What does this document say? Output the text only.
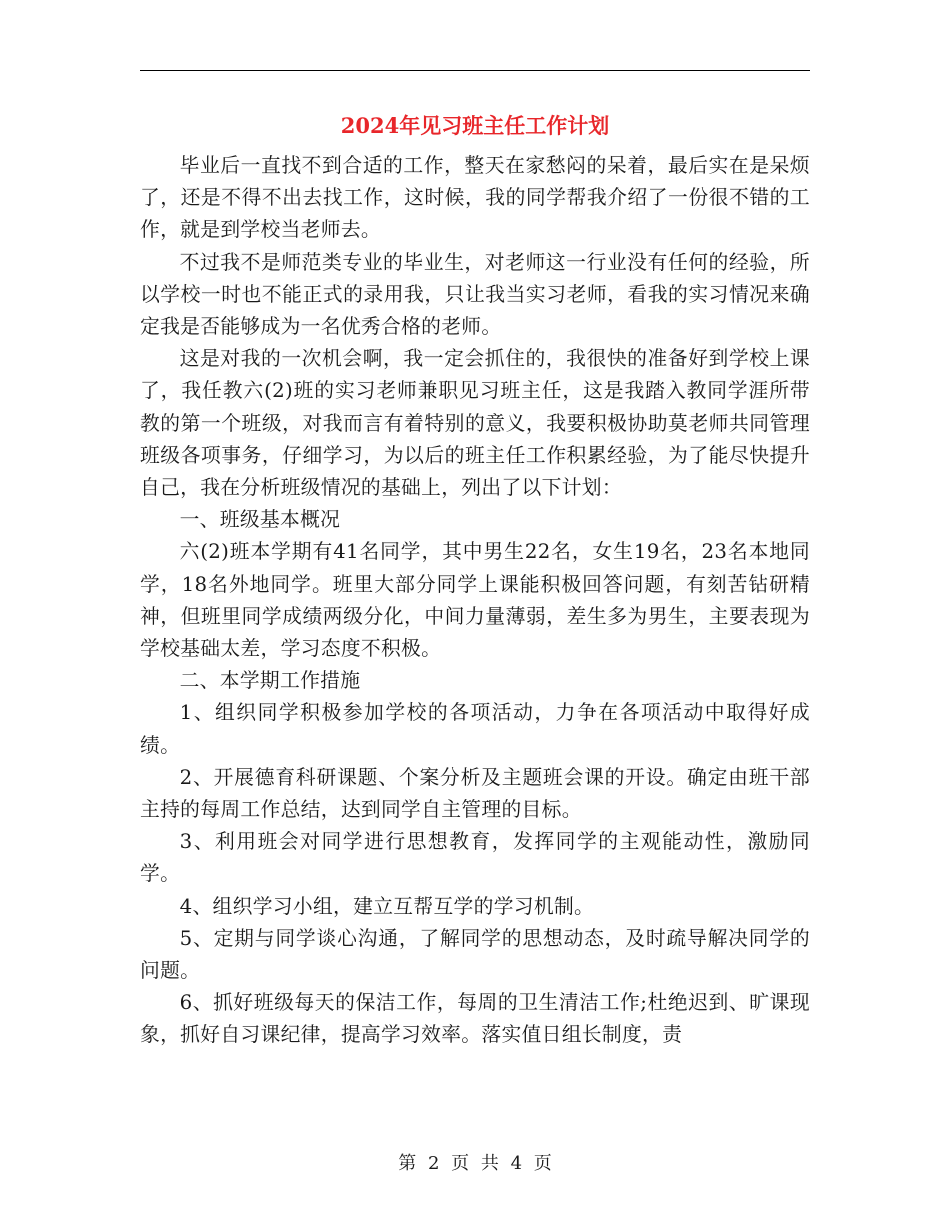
2024年见习班主任工作计划

毕业后一直找不到合适的工作，整天在家愁闷的呆着，最后实在是呆烦了，还是不得不出去找工作，这时候，我的同学帮我介绍了一份很不错的工作，就是到学校当老师去。

不过我不是师范类专业的毕业生，对老师这一行业没有任何的经验，所以学校一时也不能正式的录用我，只让我当实习老师，看我的实习情况来确定我是否能够成为一名优秀合格的老师。

这是对我的一次机会啊，我一定会抓住的，我很快的准备好到学校上课了，我任教六(2)班的实习老师兼职见习班主任，这是我踏入教同学涯所带教的第一个班级，对我而言有着特别的意义，我要积极协助莫老师共同管理班级各项事务，仔细学习，为以后的班主任工作积累经验，为了能尽快提升自己，我在分析班级情况的基础上，列出了以下计划：

一、班级基本概况

六(2)班本学期有41名同学，其中男生22名，女生19名，23名本地同学，18名外地同学。班里大部分同学上课能积极回答问题，有刻苦钻研精神，但班里同学成绩两级分化，中间力量薄弱，差生多为男生，主要表现为学校基础太差，学习态度不积极。

二、本学期工作措施

1、组织同学积极参加学校的各项活动，力争在各项活动中取得好成绩。

2、开展德育科研课题、个案分析及主题班会课的开设。确定由班干部主持的每周工作总结，达到同学自主管理的目标。

3、利用班会对同学进行思想教育，发挥同学的主观能动性，激励同学。

4、组织学习小组，建立互帮互学的学习机制。

5、定期与同学谈心沟通，了解同学的思想动态，及时疏导解决同学的问题。

6、抓好班级每天的保洁工作，每周的卫生清洁工作;杜绝迟到、旷课现象，抓好自习课纪律，提高学习效率。落实值日组长制度，责

第 2 页 共 4 页
